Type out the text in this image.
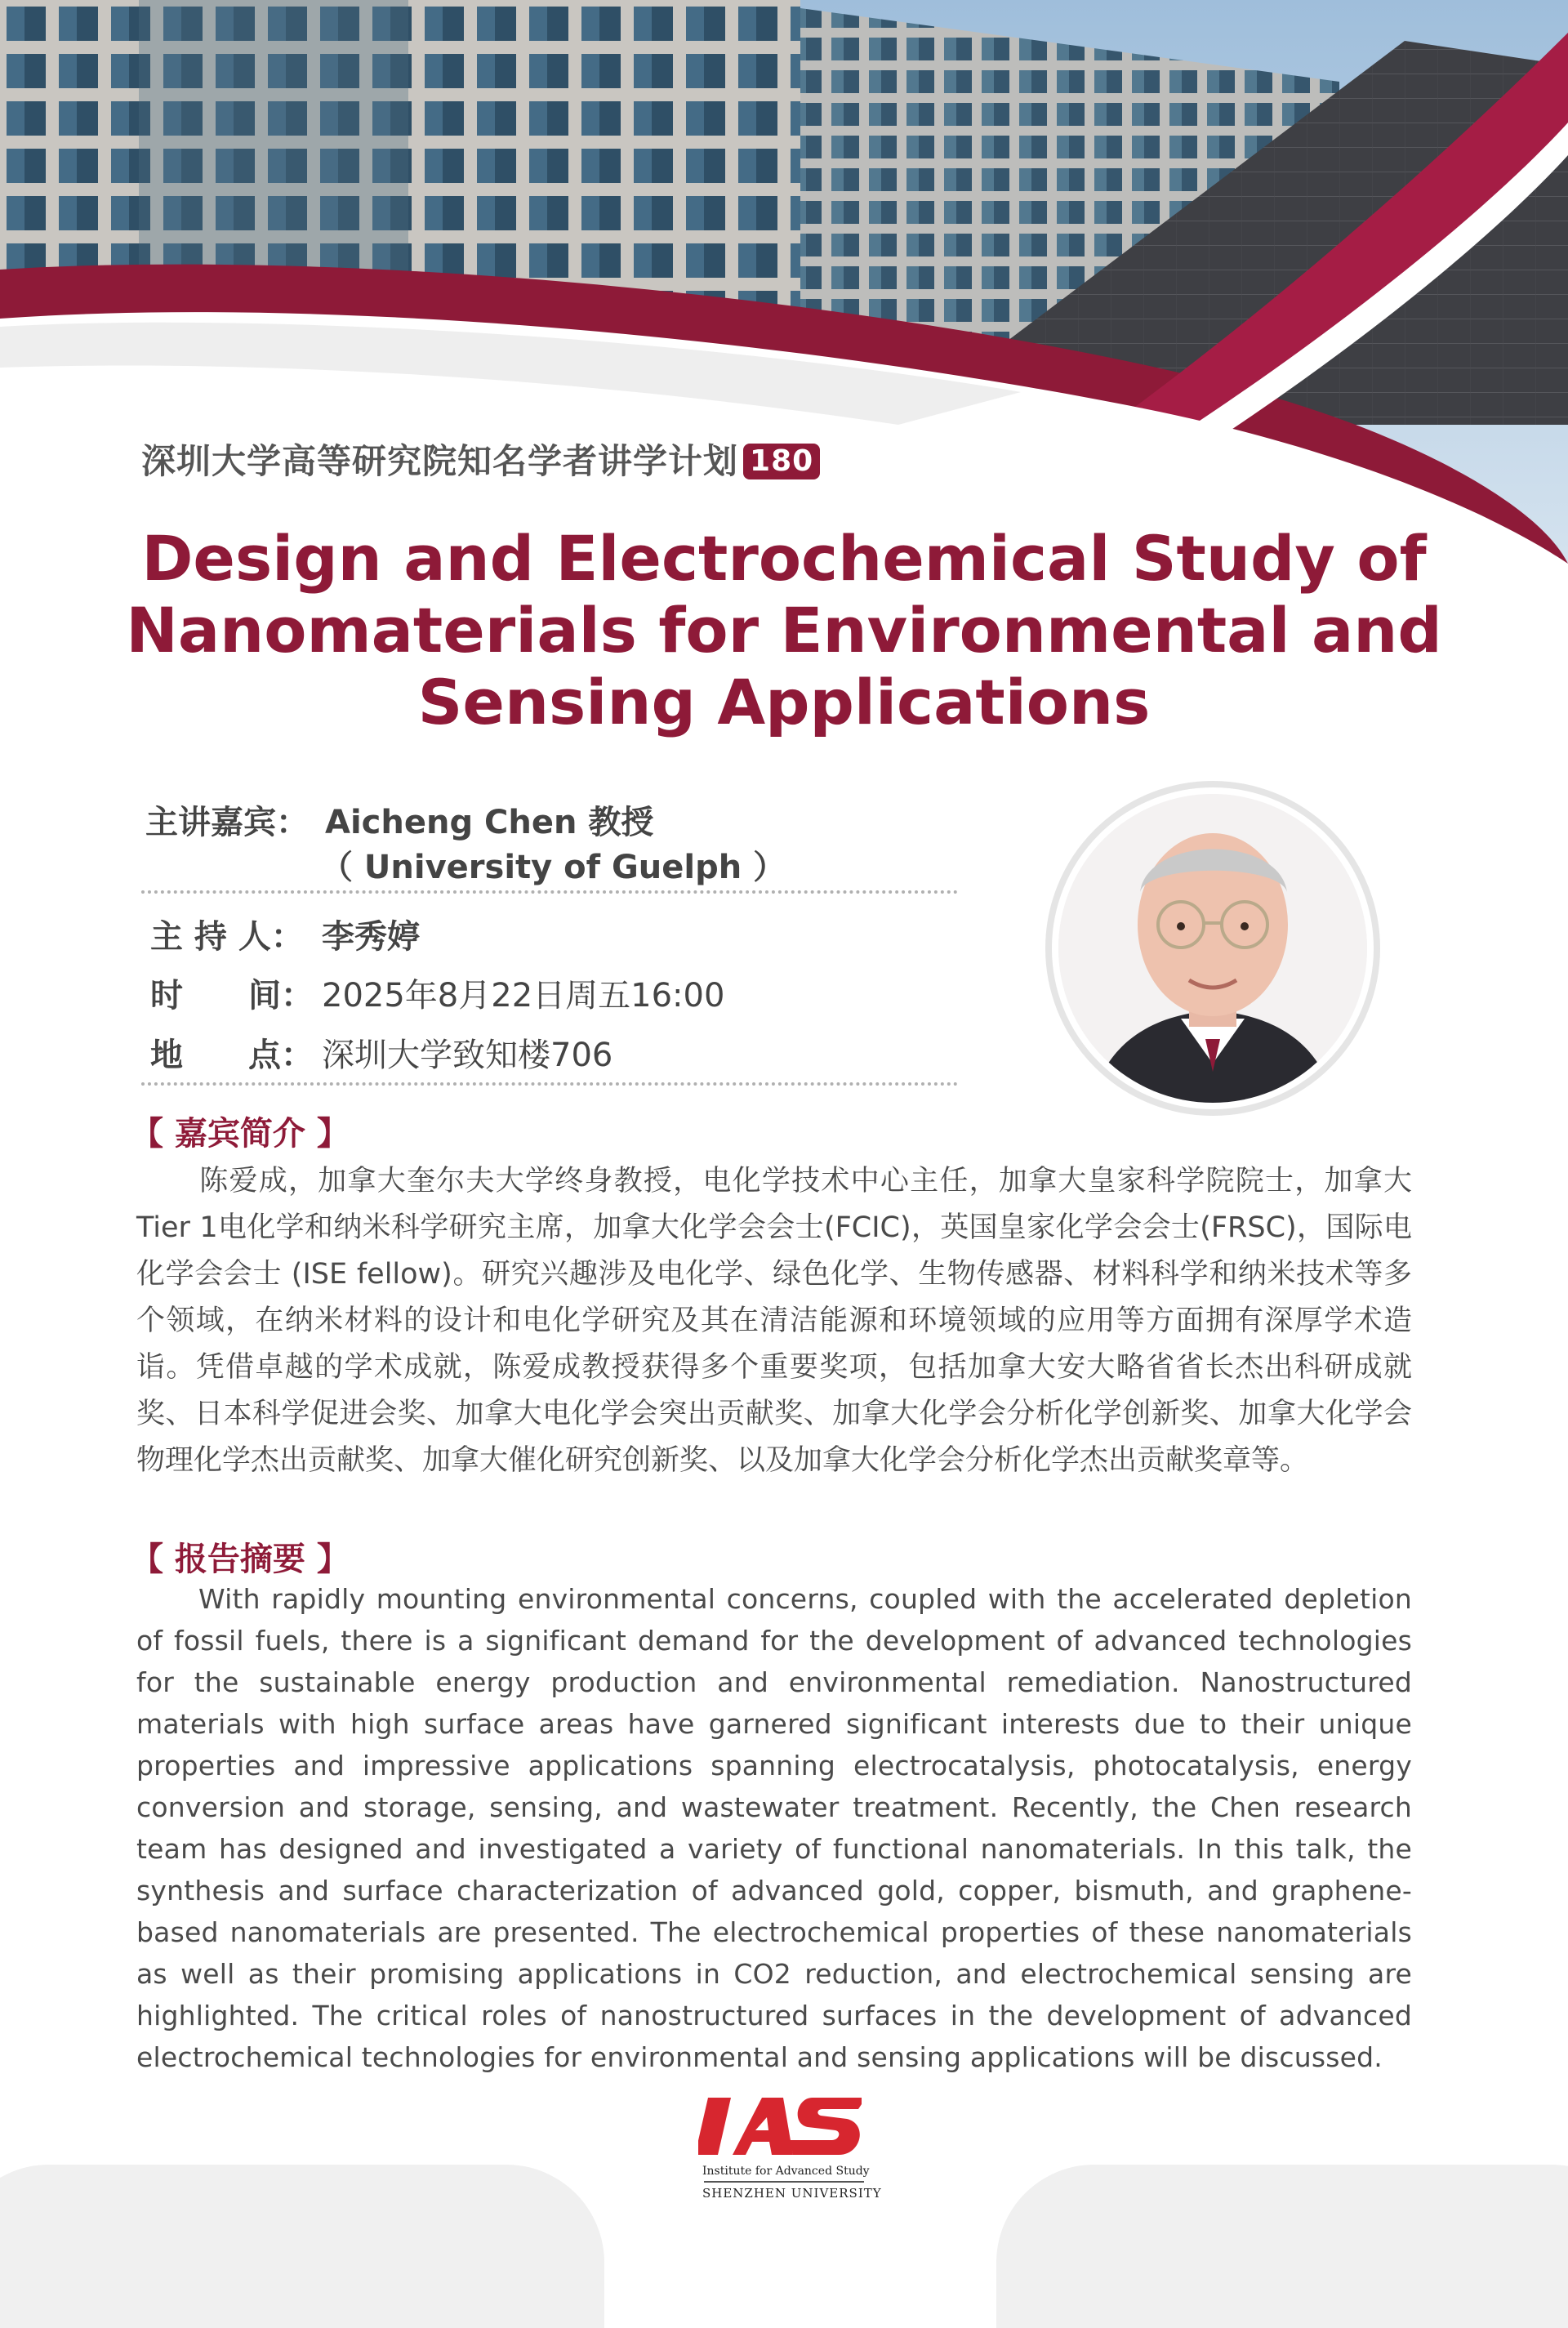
深圳大学高等研究院知名学者讲学计划 180
Design and Electrochemical Study of
Nanomaterials for Environmental and
Sensing Applications
主讲嘉宾： Aicheng Chen 教授
（ University of Guelph ）
主 持 人： 李秀婷
时　　间： 2025年8月22日周五16:00
地　　点： 深圳大学致知楼706
【 嘉宾简介 】

陈爱成，加拿大奎尔夫大学终身教授，电化学技术中心主任，加拿大皇家科学院院士，加拿大Tier 1电化学和纳米科学研究主席，加拿大化学会会士(FCIC)，英国皇家化学会会士(FRSC)，国际电化学会会士 (ISE fellow)。研究兴趣涉及电化学、绿色化学、生物传感器、材料科学和纳米技术等多个领域，在纳米材料的设计和电化学研究及其在清洁能源和环境领域的应用等方面拥有深厚学术造诣。凭借卓越的学术成就，陈爱成教授获得多个重要奖项，包括加拿大安大略省省长杰出科研成就奖、日本科学促进会奖、加拿大电化学会突出贡献奖、加拿大化学会分析化学创新奖、加拿大化学会物理化学杰出贡献奖、加拿大催化研究创新奖、以及加拿大化学会分析化学杰出贡献奖章等。

【 报告摘要 】

With rapidly mounting environmental concerns, coupled with the accelerated depletion of fossil fuels, there is a significant demand for the development of advanced technologies for the sustainable energy production and environmental remediation. Nanostructured materials with high surface areas have garnered significant interests due to their unique properties and impressive applications spanning electrocatalysis, photocatalysis, energy conversion and storage, sensing, and wastewater treatment. Recently, the Chen research team has designed and investigated a variety of functional nanomaterials. In this talk, the synthesis and surface characterization of advanced gold, copper, bismuth, and graphene-based nanomaterials are presented. The electrochemical properties of these nanomaterials as well as their promising applications in CO2 reduction, and electrochemical sensing are highlighted. The critical roles of nanostructured surfaces in the development of advanced electrochemical technologies for environmental and sensing applications will be discussed.

Institute for Advanced Study
SHENZHEN UNIVERSITY
